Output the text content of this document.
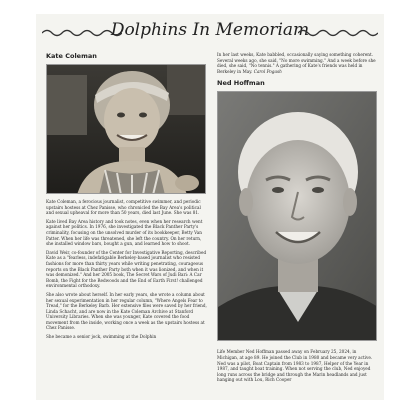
Dolphins In Memoriam
Kate Coleman

Kate Coleman, a ferocious journalist, competitive swimmer, and periodic upstairs hostess at Chez Panisse, who chronicled the Bay Area's political and sexual upheaval for more than 50 years, died last June. She was 81.

Kate lived Bay Area history and took notes, even when her research went against her politics. In 1976, she investigated the Black Panther Party's criminality, focusing on the unsolved murder of its bookkeeper, Betty Van Patter. When her life was threatened, she left the country. On her return, she installed window bars, bought a gun, and learned how to shoot.

David Weir, co-founder of the Center for Investigative Reporting, described Kate as a "fearless, indefatigable Berkeley-based journalist who resisted fashions for more than thirty years while writing penetrating, courageous reports on the Black Panther Party both when it was lionized, and when it was demonized." And her 2005 book, The Secret Wars of Judi Bari: A Car Bomb, the Fight for the Redwoods and the End of Earth First! challenged environmental orthodoxy.

She also wrote about herself. In her early years, she wrote a column about her sexual experimentation in her regular column, "Where Angels Fear to Tread," for the Berkeley Barb. Her extensive files were saved by her friend, Linda Schacht, and are now in the Kate Coleman Archive at Stanford University Libraries. When she was younger, Kate covered the food movement from the inside, working once a week as the upstairs hostess at Chez Panisse.

She became a senior jock, swimming at the Dolphin

In her last weeks, Kate babbled, occasionally saying something coherent. Several weeks ago, she said, "No more swimming." And a week before she died, she said, "No tennis." A gathering of Kate's friends was held in Berkeley in May. Carol Pogash

Ned Hoffman

Life Member Ned Hoffman passed away on February 25, 2024, in Michigan, at age 89. He joined the Club in 1980 and became very active. Ned was a pilot, Boat Captain from 1983 to 1987, Helper of the Year in 1987, and taught boat training. When not serving the club, Ned enjoyed long runs across the bridge and through the Marin headlands and just hanging out with Lou, Rich Cooper
